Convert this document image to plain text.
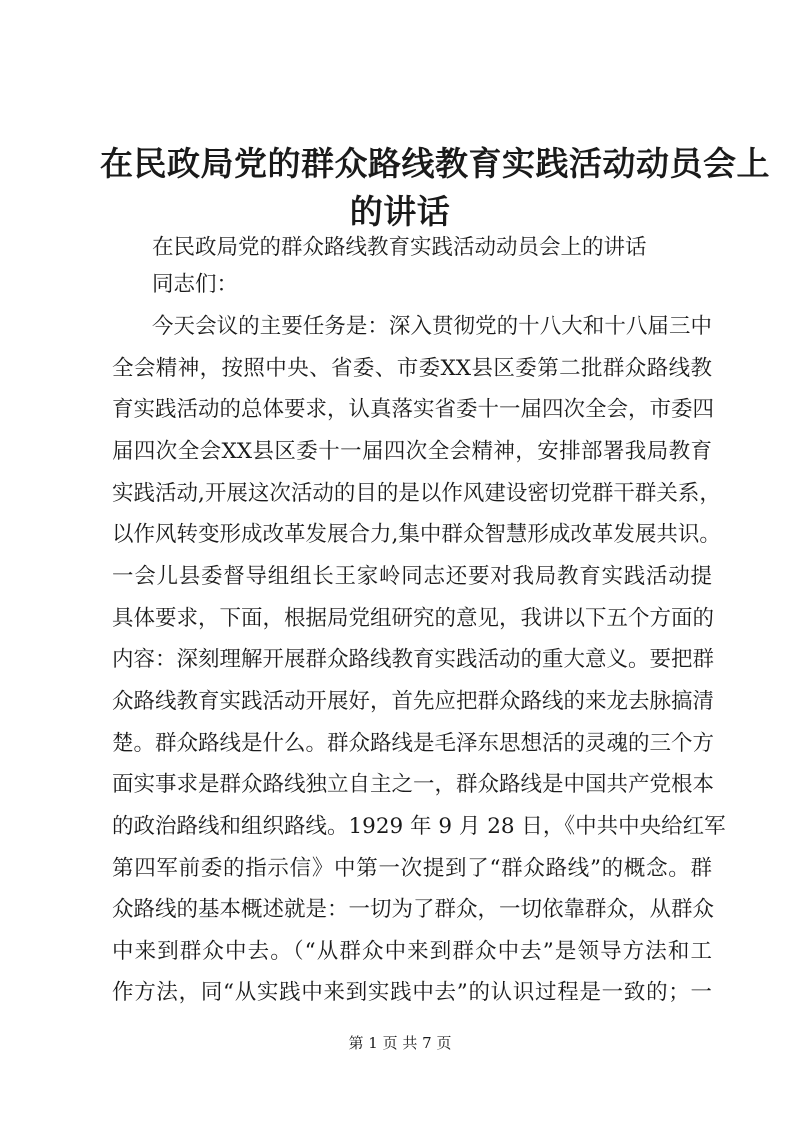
在民政局党的群众路线教育实践活动动员会上
的讲话
在民政局党的群众路线教育实践活动动员会上的讲话
同志们：
今天会议的主要任务是：深入贯彻党的十八大和十八届三中
全会精神，按照中央、省委、市委XX县区委第二批群众路线教
育实践活动的总体要求，认真落实省委十一届四次全会，市委四
届四次全会XX县区委十一届四次全会精神，安排部署我局教育
实践活动,开展这次活动的目的是以作风建设密切党群干群关系，
以作风转变形成改革发展合力,集中群众智慧形成改革发展共识。
一会儿县委督导组组长王家岭同志还要对我局教育实践活动提
具体要求，下面，根据局党组研究的意见，我讲以下五个方面的
内容：深刻理解开展群众路线教育实践活动的重大意义。要把群
众路线教育实践活动开展好，首先应把群众路线的来龙去脉搞清
楚。群众路线是什么。群众路线是毛泽东思想活的灵魂的三个方
面实事求是群众路线独立自主之一，群众路线是中国共产党根本
的政治路线和组织路线。1929 年 9 月 28 日，《中共中央给红军
第四军前委的指示信》中第一次提到了“群众路线”的概念。群
众路线的基本概述就是：一切为了群众，一切依靠群众，从群众
中来到群众中去。（“从群众中来到群众中去”是领导方法和工
作方法，同“从实践中来到实践中去”的认识过程是一致的；一
第 1 页 共 7 页
